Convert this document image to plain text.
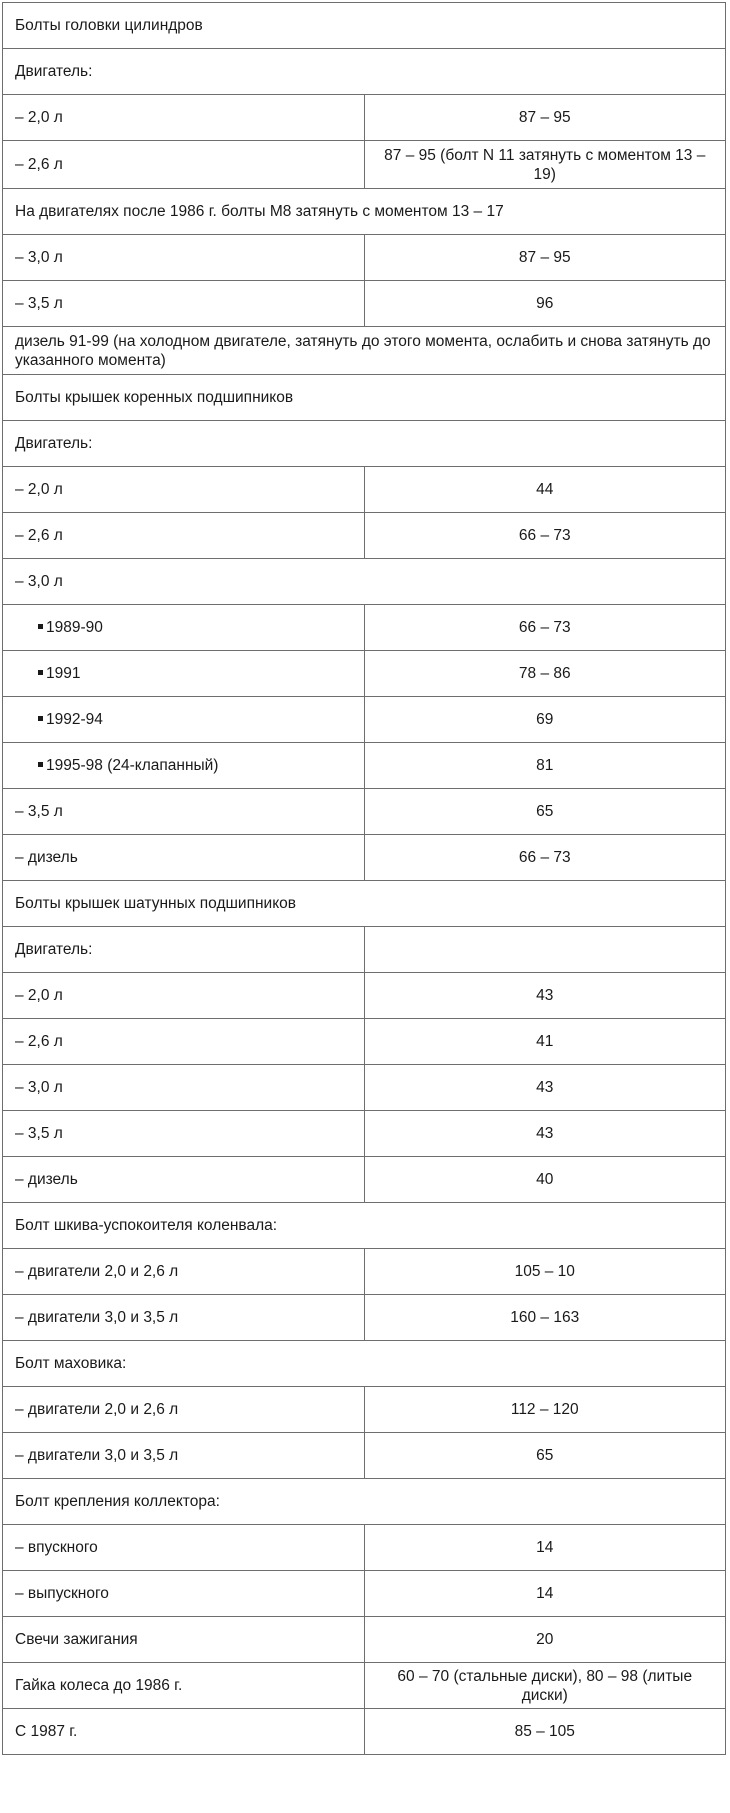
Болты головки цилиндров	
Двигатель:	
– 2,0 л	87 – 95
– 2,6 л	87 – 95 (болт N 11 затянуть с моментом 13 – 19)
На двигателях после 1986 г. болты М8 затянуть с моментом 13 – 17	
– 3,0 л	87 – 95
– 3,5 л	96
дизель 91-99 (на холодном двигателе, затянуть до этого момента, ослабить и снова затянуть до указанного момента)	
Болты крышек коренных подшипников	
Двигатель:	
– 2,0 л	44
– 2,6 л	66 – 73
– 3,0 л	
1989-90	66 – 73
1991	78 – 86
1992-94	69
1995-98 (24-клапанный)	81
– 3,5 л	65
– дизель	66 – 73
Болты крышек шатунных подшипников	
Двигатель:	
– 2,0 л	43
– 2,6 л	41
– 3,0 л	43
– 3,5 л	43
– дизель	40
Болт шкива-успокоителя коленвала:	
– двигатели 2,0 и 2,6 л	105 – 10
– двигатели 3,0 и 3,5 л	160 – 163
Болт маховика:	
– двигатели 2,0 и 2,6 л	112 – 120
– двигатели 3,0 и 3,5 л	65
Болт крепления коллектора:	
– впускного	14
– выпускного	14
Свечи зажигания	20
Гайка колеса до 1986 г.	60 – 70 (стальные диски), 80 – 98 (литые диски)
С 1987 г.	85 – 105
